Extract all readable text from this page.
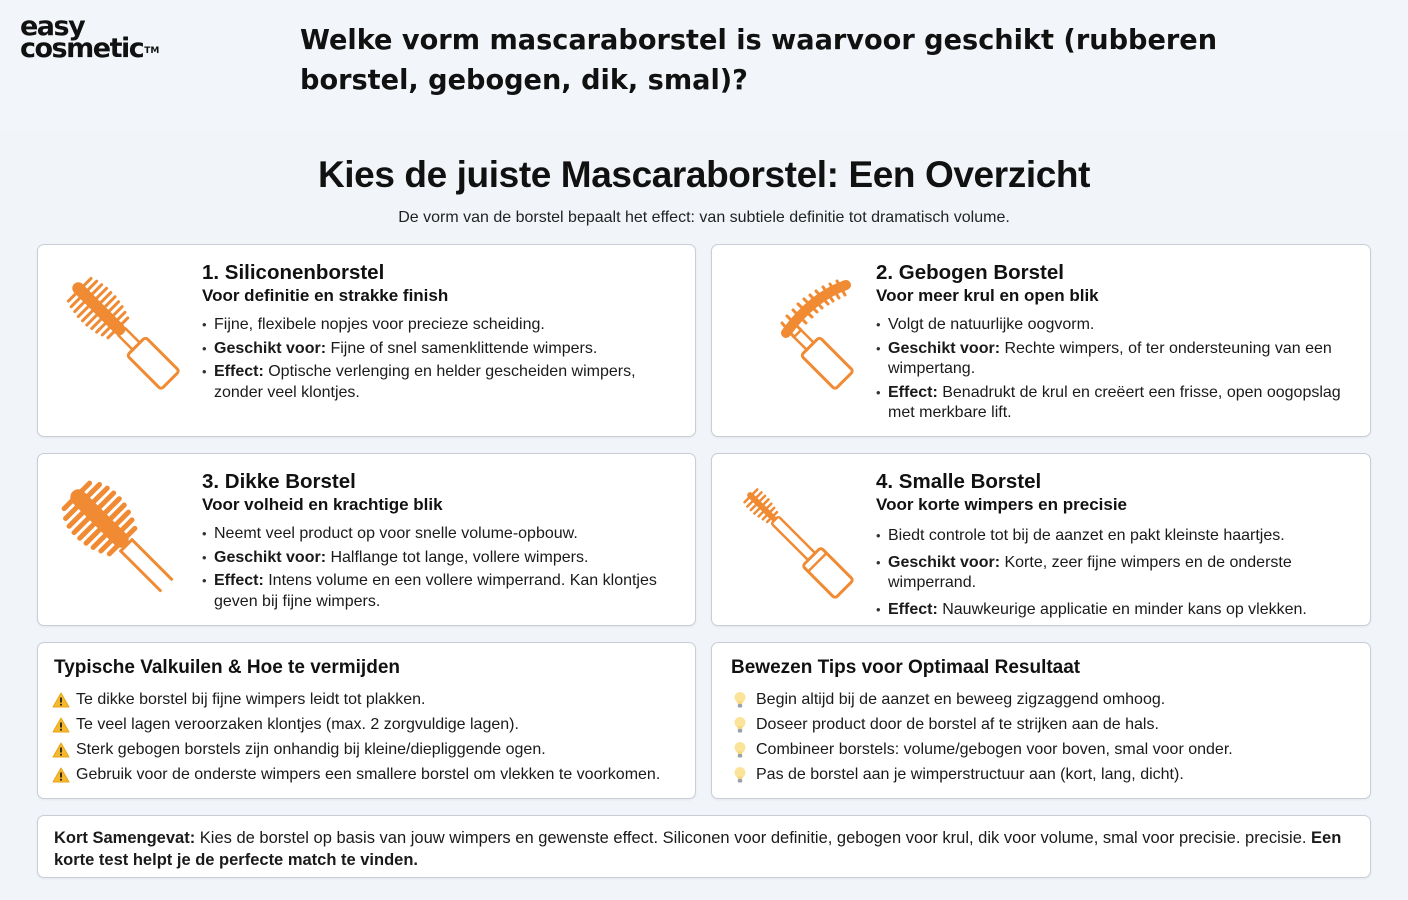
easy
cosmetic™	Welke vorm mascaraborstel is waarvoor geschikt (rubberen borstel, gebogen, dik, smal)?
Kies de juiste Mascaraborstel: Een Overzicht
De vorm van de borstel bepaalt het effect: van subtiele definitie tot dramatisch volume.
1. Siliconenborstel
Voor definitie en strakke finish
• Fijne, flexibele nopjes voor precieze scheiding.
• Geschikt voor: Fijne of snel samenklittende wimpers.
• Effect: Optische verlenging en helder gescheiden wimpers, zonder veel klontjes.
2. Gebogen Borstel
Voor meer krul en open blik
• Volgt de natuurlijke oogvorm.
• Geschikt voor: Rechte wimpers, of ter ondersteuning van een wimpertang.
• Effect: Benadrukt de krul en creëert een frisse, open oogopslag met merkbare lift.
3. Dikke Borstel
Voor volheid en krachtige blik
• Neemt veel product op voor snelle volume-opbouw.
• Geschikt voor: Halflange tot lange, vollere wimpers.
• Effect: Intens volume en een vollere wimperrand. Kan klontjes geven bij fijne wimpers.
4. Smalle Borstel
Voor korte wimpers en precisie
• Biedt controle tot bij de aanzet en pakt kleinste haartjes.
• Geschikt voor: Korte, zeer fijne wimpers en de onderste wimperrand.
• Effect: Nauwkeurige applicatie en minder kans op vlekken.
Typische Valkuilen & Hoe te vermijden
Te dikke borstel bij fijne wimpers leidt tot plakken.
Te veel lagen veroorzaken klontjes (max. 2 zorgvuldige lagen).
Sterk gebogen borstels zijn onhandig bij kleine/diepliggende ogen.
Gebruik voor de onderste wimpers een smallere borstel om vlekken te voorkomen.
Bewezen Tips voor Optimaal Resultaat
Begin altijd bij de aanzet en beweeg zigzaggend omhoog.
Doseer product door de borstel af te strijken aan de hals.
Combineer borstels: volume/gebogen voor boven, smal voor onder.
Pas de borstel aan je wimperstructuur aan (kort, lang, dicht).
Kort Samengevat: Kies de borstel op basis van jouw wimpers en gewenste effect. Siliconen voor definitie, gebogen voor krul, dik voor volume, smal voor precisie. precisie. Een korte test helpt je de perfecte match te vinden.
